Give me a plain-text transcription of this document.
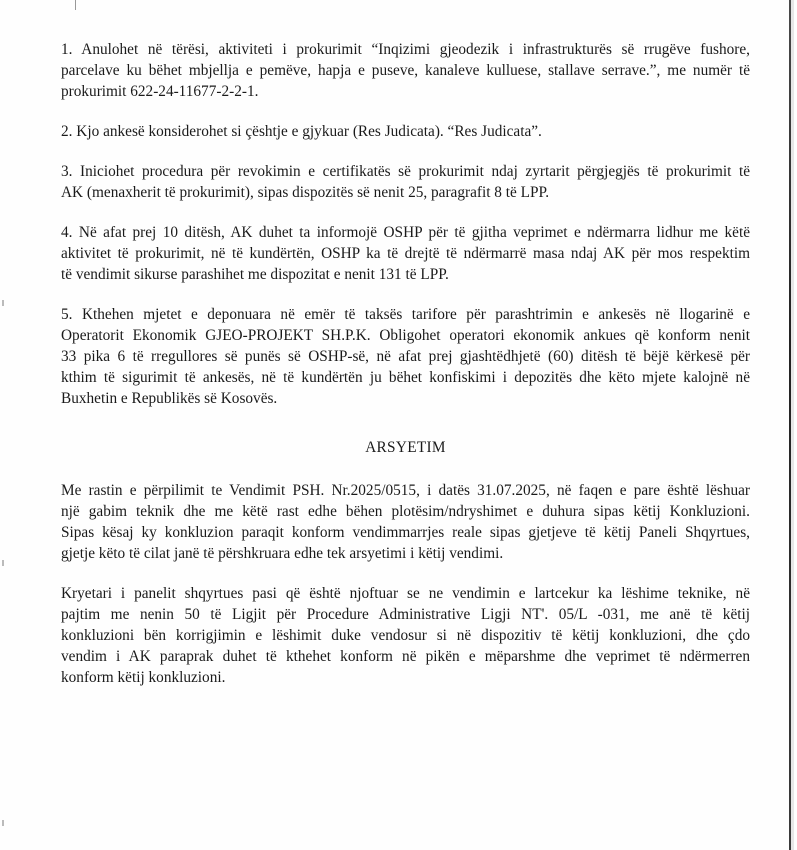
1. Anulohet në tërësi, aktiviteti i prokurimit “Inqizimi gjeodezik i infrastrukturës së rrugëve fushore,
parcelave ku bëhet mbjellja e pemëve, hapja e puseve, kanaleve kulluese, stallave serrave.”, me numër të
prokurimit 622-24-11677-2-2-1.
2. Kjo ankesë konsiderohet si çështje e gjykuar (Res Judicata). “Res Judicata”.
3. Iniciohet procedura për revokimin e certifikatës së prokurimit ndaj zyrtarit përgjegjës të prokurimit të
AK (menaxherit të prokurimit), sipas dispozitës së nenit 25, paragrafit 8 të LPP.
4. Në afat prej 10 ditësh, AK duhet ta informojë OSHP për të gjitha veprimet e ndërmarra lidhur me këtë
aktivitet të prokurimit, në të kundërtën, OSHP ka të drejtë të ndërmarrë masa ndaj AK për mos respektim
të vendimit sikurse parashihet me dispozitat e nenit 131 të LPP.
5. Kthehen mjetet e deponuara në emër të taksës tarifore për parashtrimin e ankesës në llogarinë e
Operatorit Ekonomik GJEO-PROJEKT SH.P.K. Obligohet operatori ekonomik ankues që konform nenit
33 pika 6 të rregullores së punës së OSHP-së, në afat prej gjashtëdhjetë (60) ditësh të bëjë kërkesë për
kthim të sigurimit të ankesës, në të kundërtën ju bëhet konfiskimi i depozitës dhe këto mjete kalojnë në
Buxhetin e Republikës së Kosovës.
ARSYETIM
Me rastin e përpilimit te Vendimit PSH. Nr.2025/0515, i datës 31.07.2025, në faqen e pare është lëshuar
një gabim teknik dhe me këtë rast edhe bëhen plotësim/ndryshimet e duhura sipas këtij Konkluzioni.
Sipas kësaj ky konkluzion paraqit konform vendimmarrjes reale sipas gjetjeve të këtij Paneli Shqyrtues,
gjetje këto të cilat janë të përshkruara edhe tek arsyetimi i këtij vendimi.
Kryetari i panelit shqyrtues pasi që është njoftuar se ne vendimin e lartcekur ka lëshime teknike, në
pajtim me nenin 50 të Ligjit për Procedure Administrative Ligji NT'. 05/L -031, me anë të këtij
konkluzioni bën korrigjimin e lëshimit duke vendosur si në dispozitiv të këtij konkluzioni, dhe çdo
vendim i AK paraprak duhet të kthehet konform në pikën e mëparshme dhe veprimet të ndërmerren
konform këtij konkluzioni.
